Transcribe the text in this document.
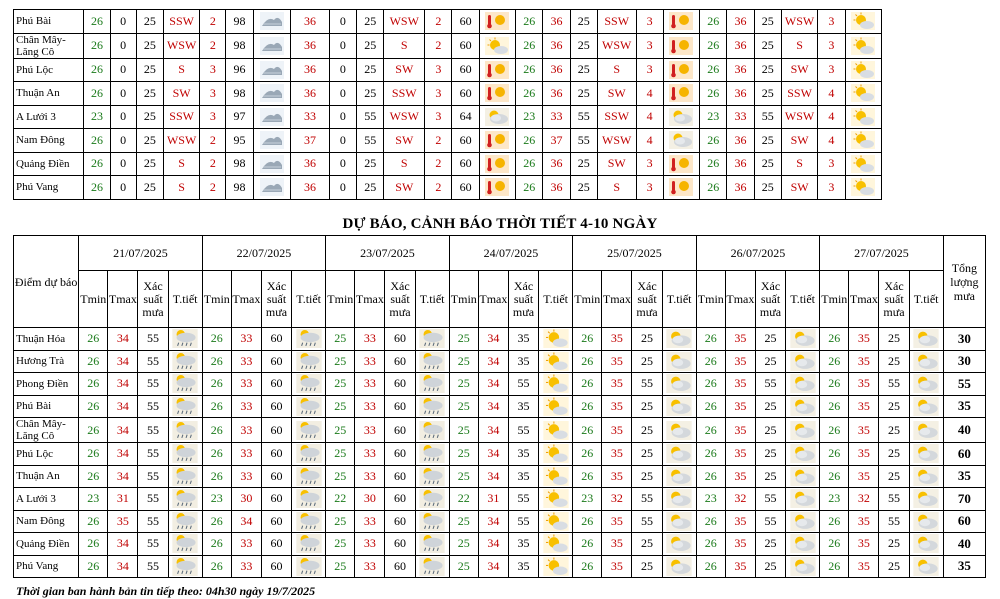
Phú Bài	26	0	25	SSW	2	98		36	0	25	WSW	2	60		26	36	25	SSW	3		26	36	25	WSW	3	

Chân Mây-Lăng Cô	26	0	25	WSW	2	98		36	0	25	S	2	60		26	36	25	WSW	3		26	36	25	S	3	

Phú Lộc	26	0	25	S	3	96		36	0	25	SW	3	60		26	36	25	S	3		26	36	25	SW	3	

Thuận An	26	0	25	SW	3	98		36	0	25	SSW	3	60		26	36	25	SW	4		26	36	25	SSW	4	

A Lưới 3	23	0	25	SSW	3	97		33	0	55	WSW	3	64		23	33	55	SSW	4		23	33	55	WSW	4	

Nam Đông	26	0	25	WSW	2	95		37	0	55	SW	2	60		26	37	55	WSW	4		26	36	25	SW	4	

Quảng Điền	26	0	25	S	2	98		36	0	25	S	2	60		26	36	25	SW	3		26	36	25	S	3	

Phú Vang	26	0	25	S	2	98		36	0	25	SW	2	60		26	36	25	S	3		26	36	25	SW	3	
DỰ BÁO, CẢNH BÁO THỜI TIẾT 4-10 NGÀY
Điểm dự báo	21/07/2025				22/07/2025				23/07/2025				24/07/2025				25/07/2025				26/07/2025				27/07/2025				Tổng lượng mưa
	Tmin	Tmax	Xác suất mưa	T.tiết	Tmin	Tmax	Xác suất mưa	T.tiết	Tmin	Tmax	Xác suất mưa	T.tiết	Tmin	Tmax	Xác suất mưa	T.tiết	Tmin	Tmax	Xác suất mưa	T.tiết	Tmin	Tmax	Xác suất mưa	T.tiết	Tmin	Tmax	Xác suất mưa	T.tiết	
Thuận Hóa	26	34	55		26	33	60		25	33	60		25	34	35		26	35	25		26	35	25		26	35	25		30
Hương Trà	26	34	55		26	33	60		25	33	60		25	34	35		26	35	25		26	35	25		26	35	25		30
Phong Điền	26	34	55		26	33	60		25	33	60		25	34	55		26	35	55		26	35	55		26	35	55		55
Phú Bài	26	34	55		26	33	60		25	33	60		25	34	35		26	35	25		26	35	25		26	35	25		35
Chân Mây-Lăng Cô	26	34	55		26	33	60		25	33	60		25	34	55		26	35	25		26	35	25		26	35	25		40
Phú Lộc	26	34	55		26	33	60		25	33	60		25	34	35		26	35	25		26	35	25		26	35	25		60
Thuận An	26	34	55		26	33	60		25	33	60		25	34	35		26	35	25		26	35	25		26	35	25		35
A Lưới 3	23	31	55		23	30	60		22	30	60		22	31	55		23	32	55		23	32	55		23	32	55		70
Nam Đông	26	35	55		26	34	60		25	33	60		25	34	55		26	35	55		26	35	55		26	35	55		60
Quảng Điền	26	34	55		26	33	60		25	33	60		25	34	35		26	35	25		26	35	25		26	35	25		40
Phú Vang	26	34	55		26	33	60		25	33	60		25	34	35		26	35	25		26	35	25		26	35	25		35
Thời gian ban hành bản tin tiếp theo: 04h30 ngày 19/7/2025
